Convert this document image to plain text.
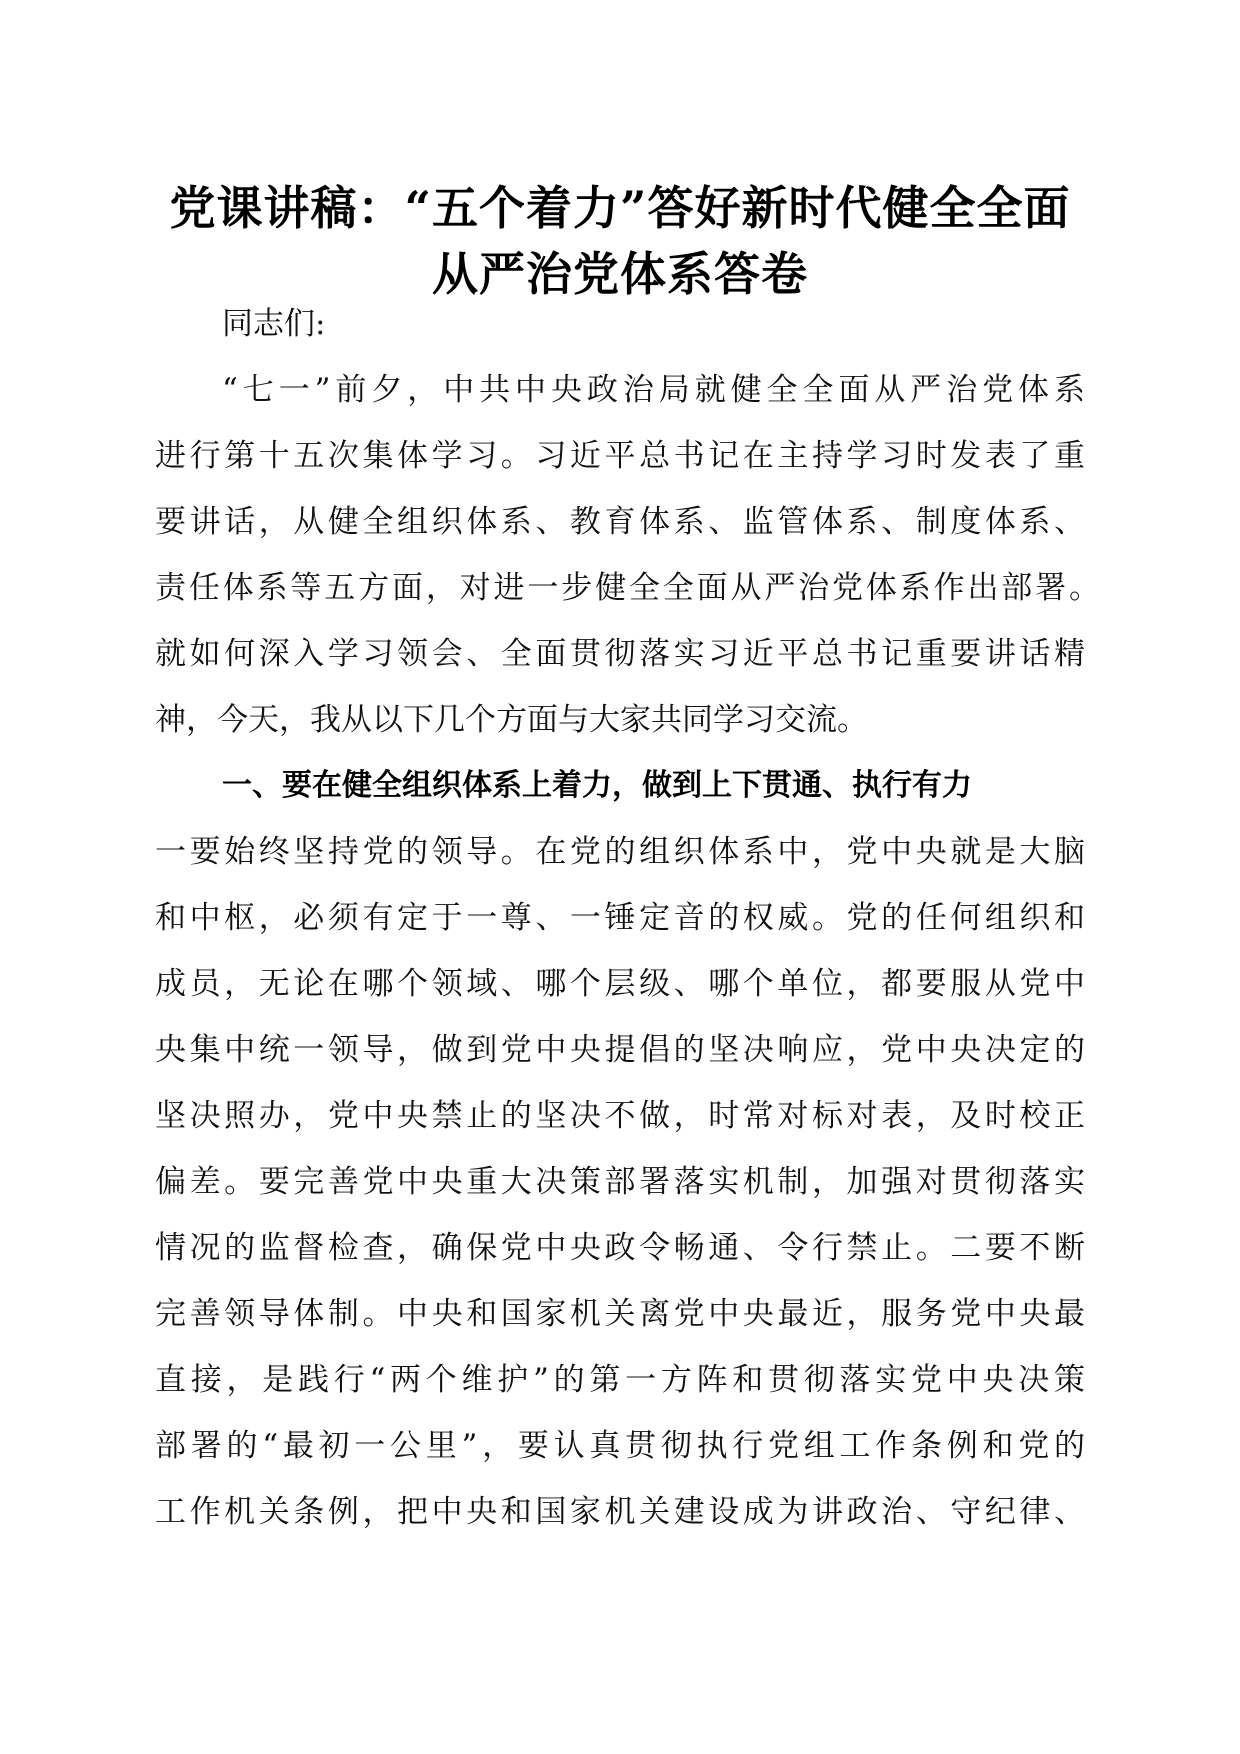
党课讲稿：“五个着力”答好新时代健全全面
从严治党体系答卷

同志们:

“七一”前夕，中共中央政治局就健全全面从严治党体系

进行第十五次集体学习。习近平总书记在主持学习时发表了重

要讲话，从健全组织体系、教育体系、监管体系、制度体系、

责任体系等五方面，对进一步健全全面从严治党体系作出部署。

就如何深入学习领会、全面贯彻落实习近平总书记重要讲话精

神，今天，我从以下几个方面与大家共同学习交流。

一、要在健全组织体系上着力，做到上下贯通、执行有力

一要始终坚持党的领导。在党的组织体系中，党中央就是大脑

和中枢，必须有定于一尊、一锤定音的权威。党的任何组织和

成员，无论在哪个领域、哪个层级、哪个单位，都要服从党中

央集中统一领导，做到党中央提倡的坚决响应，党中央决定的

坚决照办，党中央禁止的坚决不做，时常对标对表，及时校正

偏差。要完善党中央重大决策部署落实机制，加强对贯彻落实

情况的监督检查，确保党中央政令畅通、令行禁止。二要不断

完善领导体制。中央和国家机关离党中央最近，服务党中央最

直接，是践行“两个维护”的第一方阵和贯彻落实党中央决策

部署的“最初一公里”，要认真贯彻执行党组工作条例和党的

工作机关条例，把中央和国家机关建设成为讲政治、守纪律、
